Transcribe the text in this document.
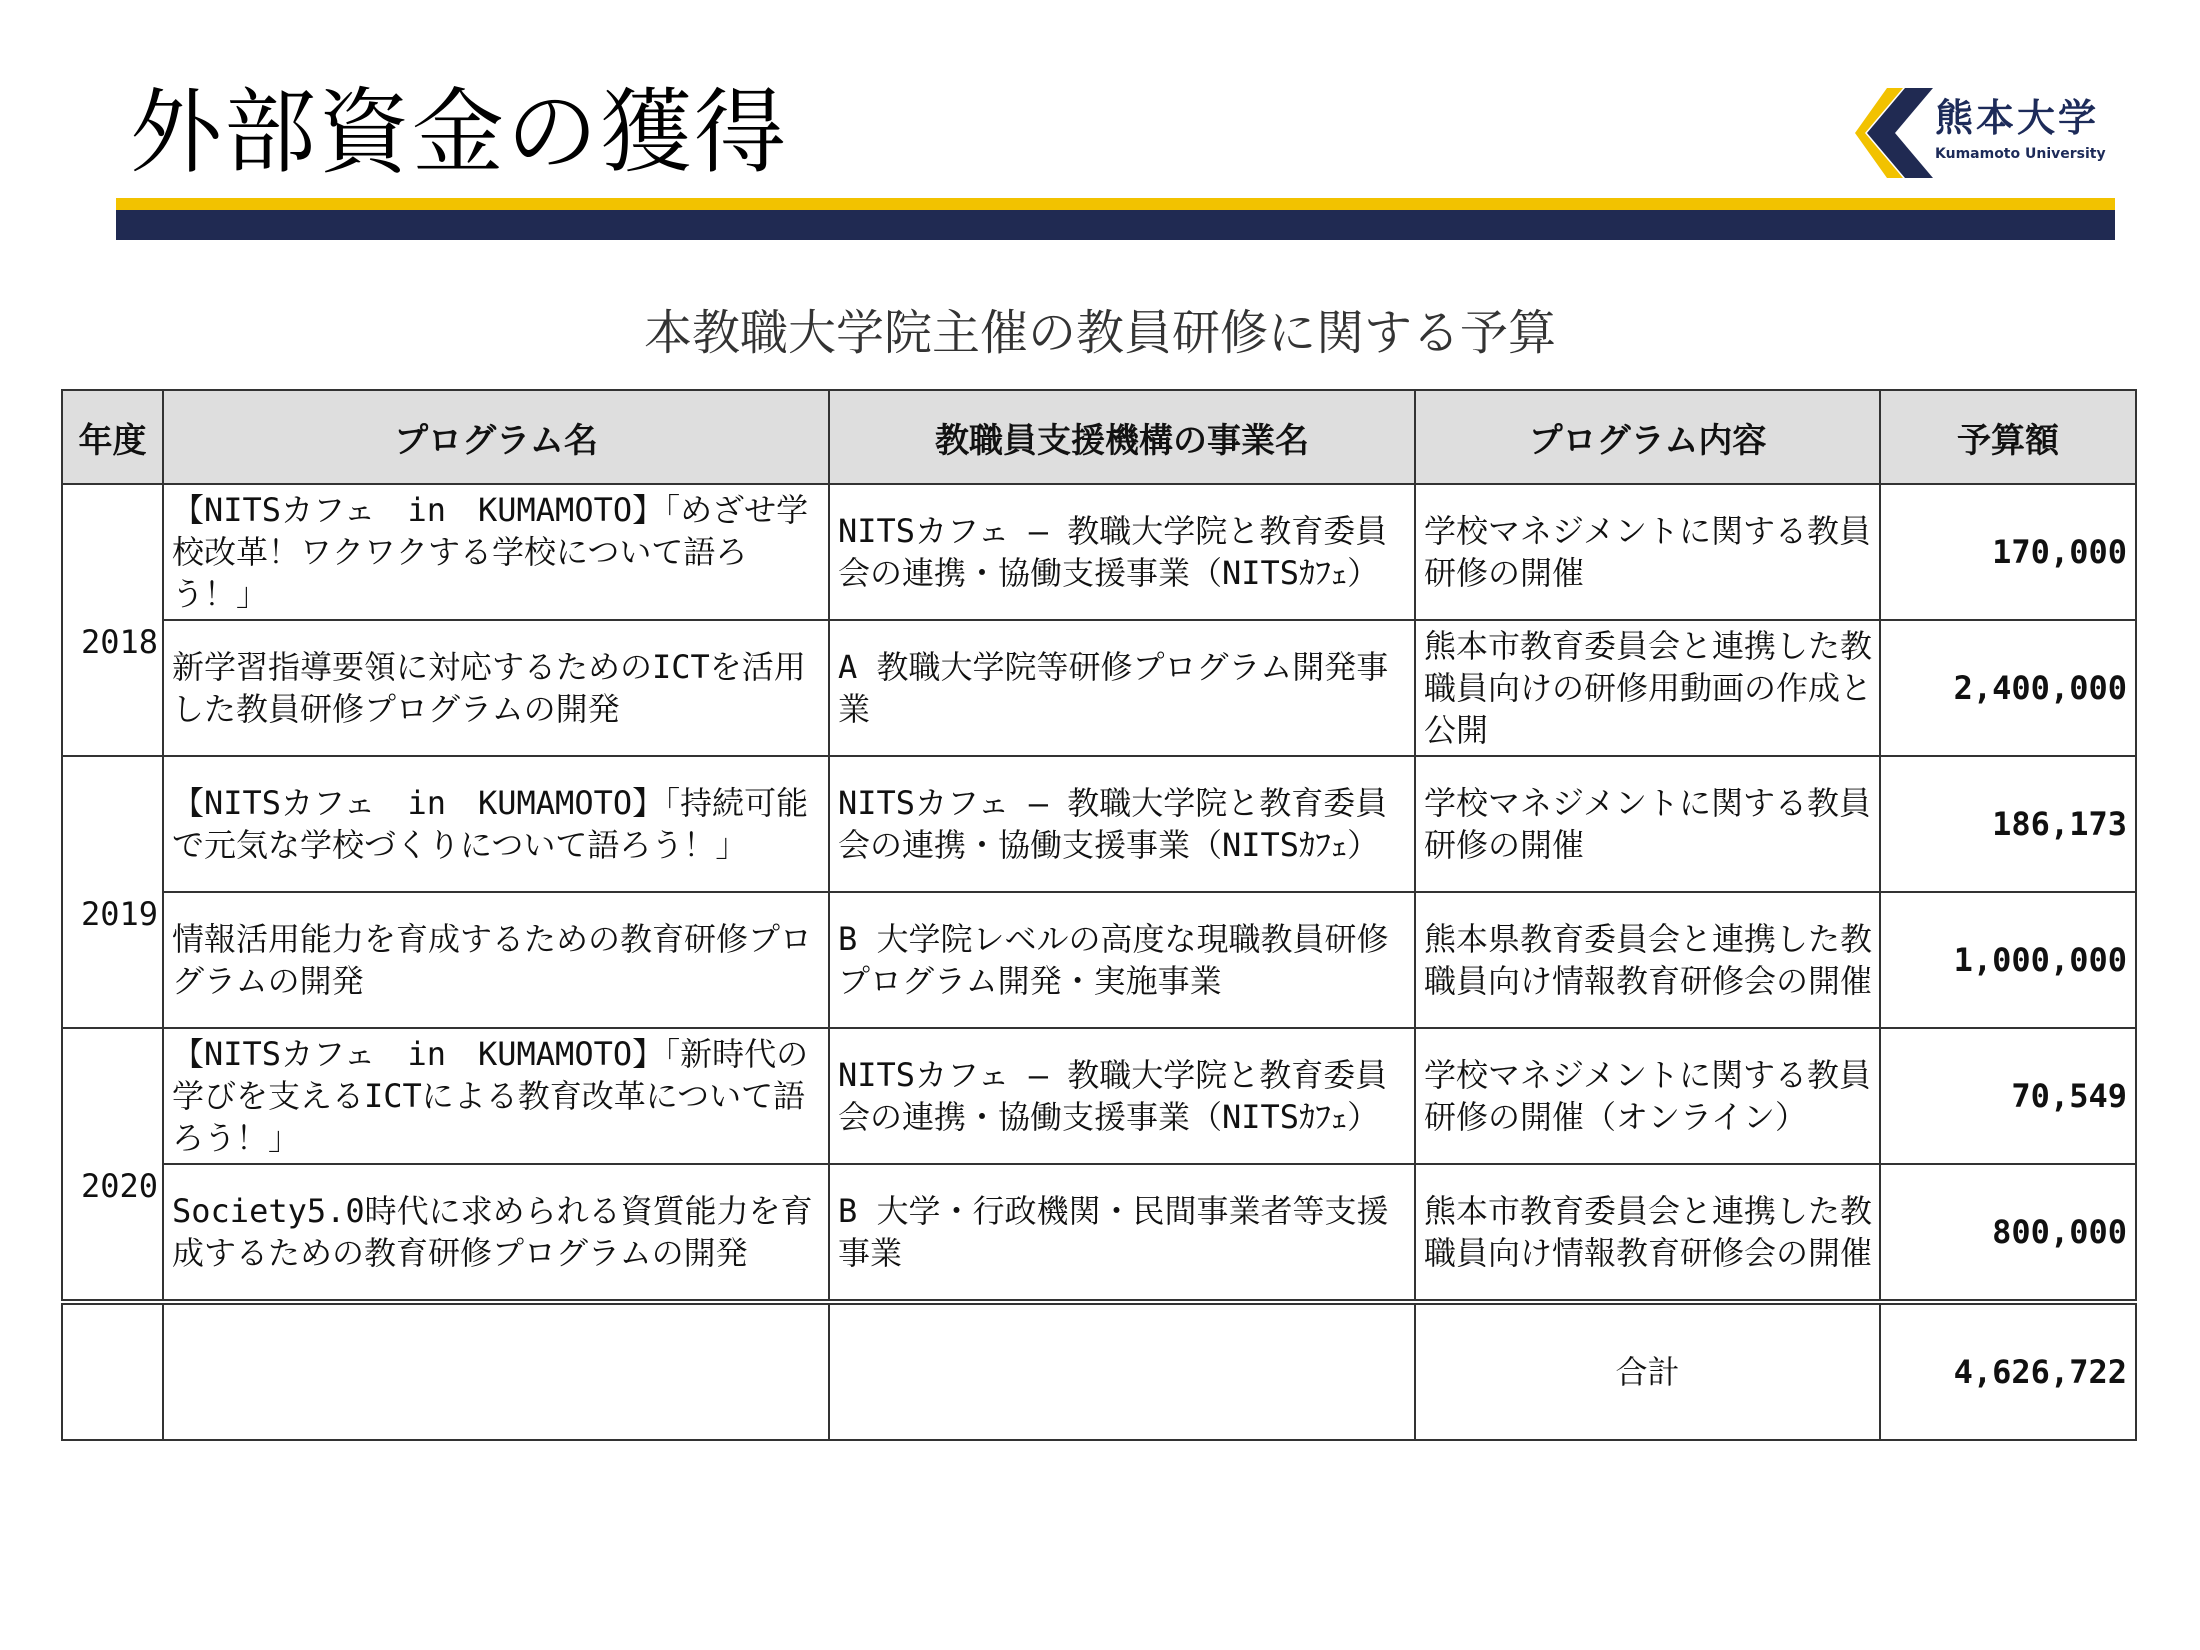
外部資金の獲得	熊本大学
Kumamoto University
本教職大学院主催の教員研修に関する予算
年度	プログラム名	教職員支援機構の事業名	プログラム内容	予算額
2018	【NITSカフェ　in　KUMAMOTO】「めざせ学校改革！ワクワクする学校について語ろう！」	NITSカフェ – 教職大学院と教育委員会の連携・協働支援事業（NITSｶﾌｪ）	学校マネジメントに関する教員研修の開催	170,000
	新学習指導要領に対応するためのICTを活用した教員研修プログラムの開発	A 教職大学院等研修プログラム開発事業	熊本市教育委員会と連携した教職員向けの研修用動画の作成と公開	2,400,000
2019	【NITSカフェ　in　KUMAMOTO】「持続可能で元気な学校づくりについて語ろう！」	NITSカフェ – 教職大学院と教育委員会の連携・協働支援事業（NITSｶﾌｪ）	学校マネジメントに関する教員研修の開催	186,173
	情報活用能力を育成するための教育研修プログラムの開発	B 大学院レベルの高度な現職教員研修プログラム開発・実施事業	熊本県教育委員会と連携した教職員向け情報教育研修会の開催	1,000,000
2020	【NITSカフェ　in　KUMAMOTO】「新時代の学びを支えるICTによる教育改革について語ろう！」	NITSカフェ – 教職大学院と教育委員会の連携・協働支援事業（NITSｶﾌｪ）	学校マネジメントに関する教員研修の開催（オンライン）	70,549
	Society5.0時代に求められる資質能力を育成するための教育研修プログラムの開発	B 大学・行政機関・民間事業者等支援事業	熊本市教育委員会と連携した教職員向け情報教育研修会の開催	800,000
			合計	4,626,722
